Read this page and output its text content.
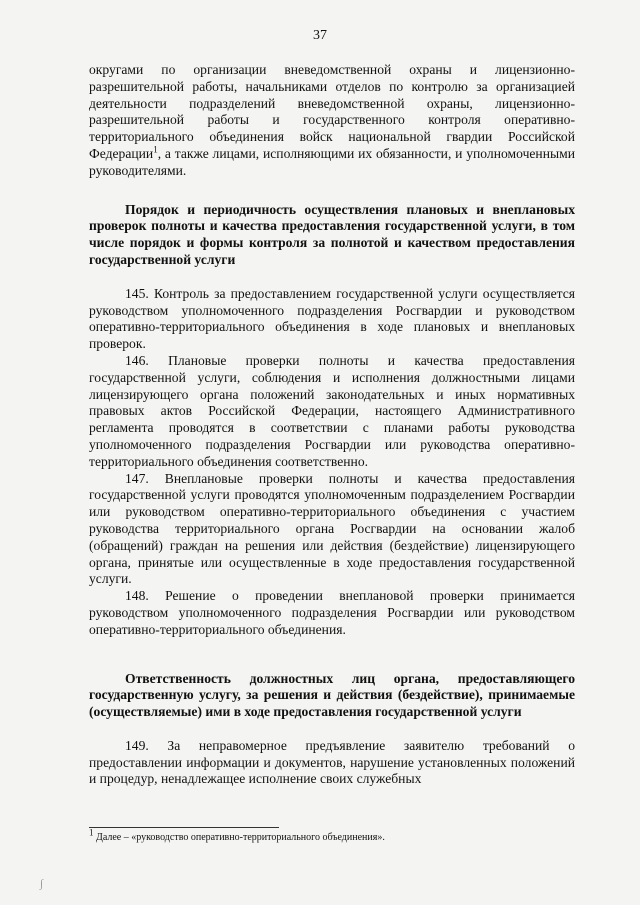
37

округами по организации вневедомственной охраны и лицензионно-разрешительной работы, начальниками отделов по контролю за организацией деятельности подразделений вневедомственной охраны, лицензионно-разрешительной работы и государственного контроля оперативно-территориального объединения войск национальной гвардии Российской Федерации$^1$, а также лицами, исполняющими их обязанности, и уполномоченными руководителями.

Порядок и периодичность осуществления плановых и внеплановых проверок полноты и качества предоставления государственной услуги, в том числе порядок и формы контроля за полнотой и качеством предоставления государственной услуги

145. Контроль за предоставлением государственной услуги осуществляется руководством уполномоченного подразделения Росгвардии и руководством оперативно-территориального объединения в ходе плановых и внеплановых проверок.

146. Плановые проверки полноты и качества предоставления государственной услуги, соблюдения и исполнения должностными лицами лицензирующего органа положений законодательных и иных нормативных правовых актов Российской Федерации, настоящего Административного регламента проводятся в соответствии с планами работы руководства уполномоченного подразделения Росгвардии или руководства оперативно-территориального объединения соответственно.

147. Внеплановые проверки полноты и качества предоставления государственной услуги проводятся уполномоченным подразделением Росгвардии или руководством оперативно-территориального объединения с участием руководства территориального органа Росгвардии на основании жалоб (обращений) граждан на решения или действия (бездействие) лицензирующего органа, принятые или осуществленные в ходе предоставления государственной услуги.

148. Решение о проведении внеплановой проверки принимается руководством уполномоченного подразделения Росгвардии или руководством оперативно-территориального объединения.

Ответственность должностных лиц органа, предоставляющего государственную услугу, за решения и действия (бездействие), принимаемые (осуществляемые) ими в ходе предоставления государственной услуги

149. За неправомерное предъявление заявителю требований о предоставлении информации и документов, нарушение установленных положений и процедур, ненадлежащее исполнение своих служебных

$^1$ Далее – «руководство оперативно-территориального объединения».
∫
